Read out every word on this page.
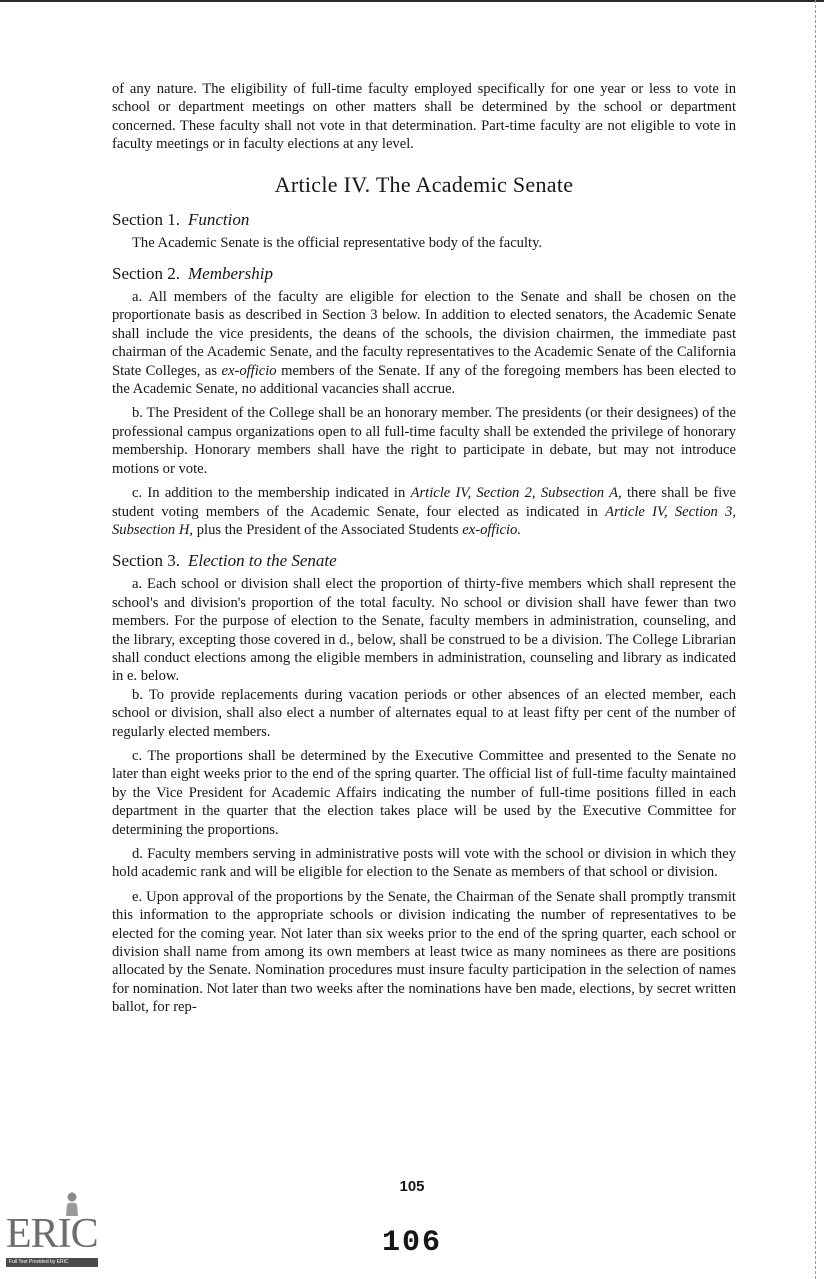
of any nature. The eligibility of full-time faculty employed specifically for one year or less to vote in school or department meetings on other matters shall be determined by the school or department concerned. These faculty shall not vote in that determination. Part-time faculty are not eligible to vote in faculty meetings or in faculty elections at any level.

Article IV. The Academic Senate
Section 1. Function

The Academic Senate is the official representative body of the faculty.

Section 2. Membership

a. All members of the faculty are eligible for election to the Senate and shall be chosen on the proportionate basis as described in Section 3 below. In addition to elected senators, the Academic Senate shall include the vice presidents, the deans of the schools, the division chairmen, the immediate past chairman of the Academic Senate, and the faculty representatives to the Academic Senate of the California State Colleges, as ex-officio members of the Senate. If any of the foregoing members has been elected to the Academic Senate, no additional vacancies shall accrue.

b. The President of the College shall be an honorary member. The presidents (or their designees) of the professional campus organizations open to all full-time faculty shall be extended the privilege of honorary membership. Honorary members shall have the right to participate in debate, but may not introduce motions or vote.

c. In addition to the membership indicated in Article IV, Section 2, Subsection A, there shall be five student voting members of the Academic Senate, four elected as indicated in Article IV, Section 3, Subsection H, plus the President of the Associated Students ex-officio.

Section 3. Election to the Senate

a. Each school or division shall elect the proportion of thirty-five members which shall represent the school's and division's proportion of the total faculty. No school or division shall have fewer than two members. For the purpose of election to the Senate, faculty members in administration, counseling, and the library, excepting those covered in d., below, shall be construed to be a division. The College Librarian shall conduct elections among the eligible members in administration, counseling and library as indicated in e. below.

b. To provide replacements during vacation periods or other absences of an elected member, each school or division, shall also elect a number of alternates equal to at least fifty per cent of the number of regularly elected members.

c. The proportions shall be determined by the Executive Committee and presented to the Senate no later than eight weeks prior to the end of the spring quarter. The official list of full-time faculty maintained by the Vice President for Academic Affairs indicating the number of full-time positions filled in each department in the quarter that the election takes place will be used by the Executive Committee for determining the proportions.

d. Faculty members serving in administrative posts will vote with the school or division in which they hold academic rank and will be eligible for election to the Senate as members of that school or division.

e. Upon approval of the proportions by the Senate, the Chairman of the Senate shall promptly transmit this information to the appropriate schools or division indicating the number of representatives to be elected for the coming year. Not later than six weeks prior to the end of the spring quarter, each school or division shall name from among its own members at least twice as many nominees as there are positions allocated by the Senate. Nomination procedures must insure faculty participation in the selection of names for nomination. Not later than two weeks after the nominations have ben made, elections, by secret written ballot, for rep-

105
106
ERIC
Full Text Provided by ERIC
